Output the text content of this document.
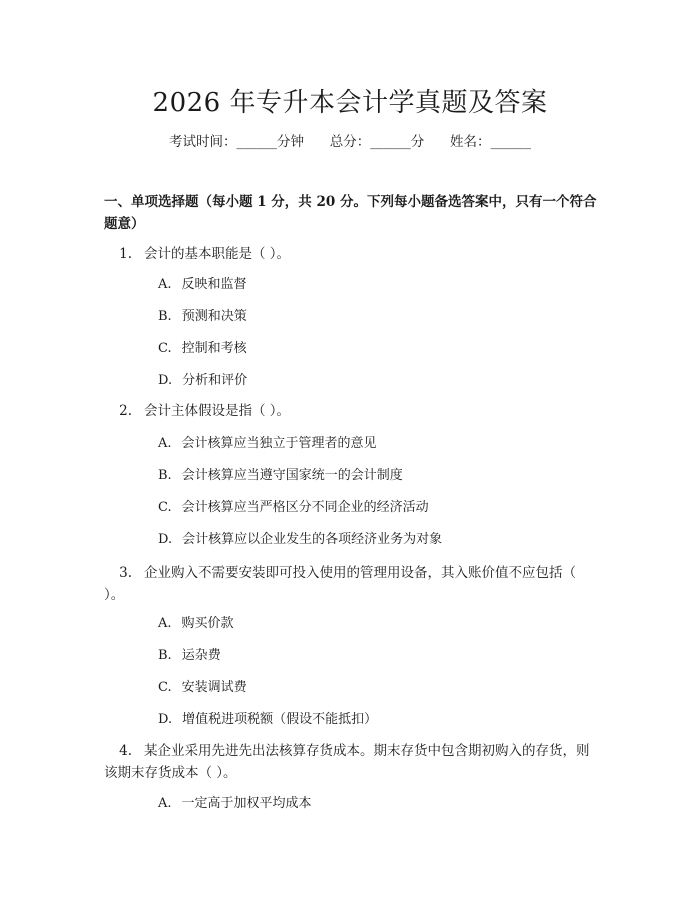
2026 年专升本会计学真题及答案
考试时间：______分钟      总分：______分      姓名：______
一、单项选择题（每小题 1 分，共 20 分。下列每小题备选答案中，只有一个符合题意）
1. 会计的基本职能是（ ）。
A. 反映和监督
B. 预测和决策
C. 控制和考核
D. 分析和评价
2. 会计主体假设是指（ ）。
A. 会计核算应当独立于管理者的意见
B. 会计核算应当遵守国家统一的会计制度
C. 会计核算应当严格区分不同企业的经济活动
D. 会计核算应以企业发生的各项经济业务为对象
3. 企业购入不需要安装即可投入使用的管理用设备，其入账价值不应包括（ ）。
A. 购买价款
B. 运杂费
C. 安装调试费
D. 增值税进项税额（假设不能抵扣）
4. 某企业采用先进先出法核算存货成本。期末存货中包含期初购入的存货，则该期末存货成本（ ）。
A. 一定高于加权平均成本
